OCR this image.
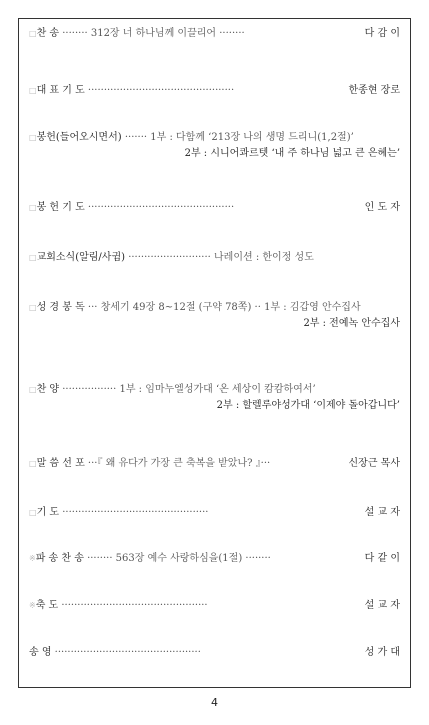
□찬 송 ········ 312장 너 하나님께 이끌리어 ········	다 감 이
□대 표 기 도 ··············································	한종현 장로
□봉헌(들어오시면서) ······· 1부 : 다함께 ‘213장 나의 생명 드리니(1,2절)’
2부 : 시니어콰르텟 ‘내 주 하나님 넓고 큰 은혜는’
□봉 헌 기 도 ··············································	인 도 자
□교회소식(알림/사귐) ·························· 나레이션 : 한이정 성도
□성 경 봉 독 ··· 창세기 49장 8~12절 (구약 78쪽) ·· 1부 : 김갑영 안수집사
2부 : 전예녹 안수집사
□찬 양 ················· 1부 : 임마누엘성가대 ‘온 세상이 캄캄하여서’
2부 : 할렐루야성가대 ‘이제야 돌아갑니다’
□말 씀 선 포 ···『 왜 유다가 가장 큰 축복을 받았나? 』···	신장근 목사
□기 도 ··············································	설 교 자
※파 송 찬 송 ········ 563장 예수 사랑하심을(1절) ········	다 같 이
※축 도 ··············································	설 교 자
송 영 ··············································	성 가 대
4
